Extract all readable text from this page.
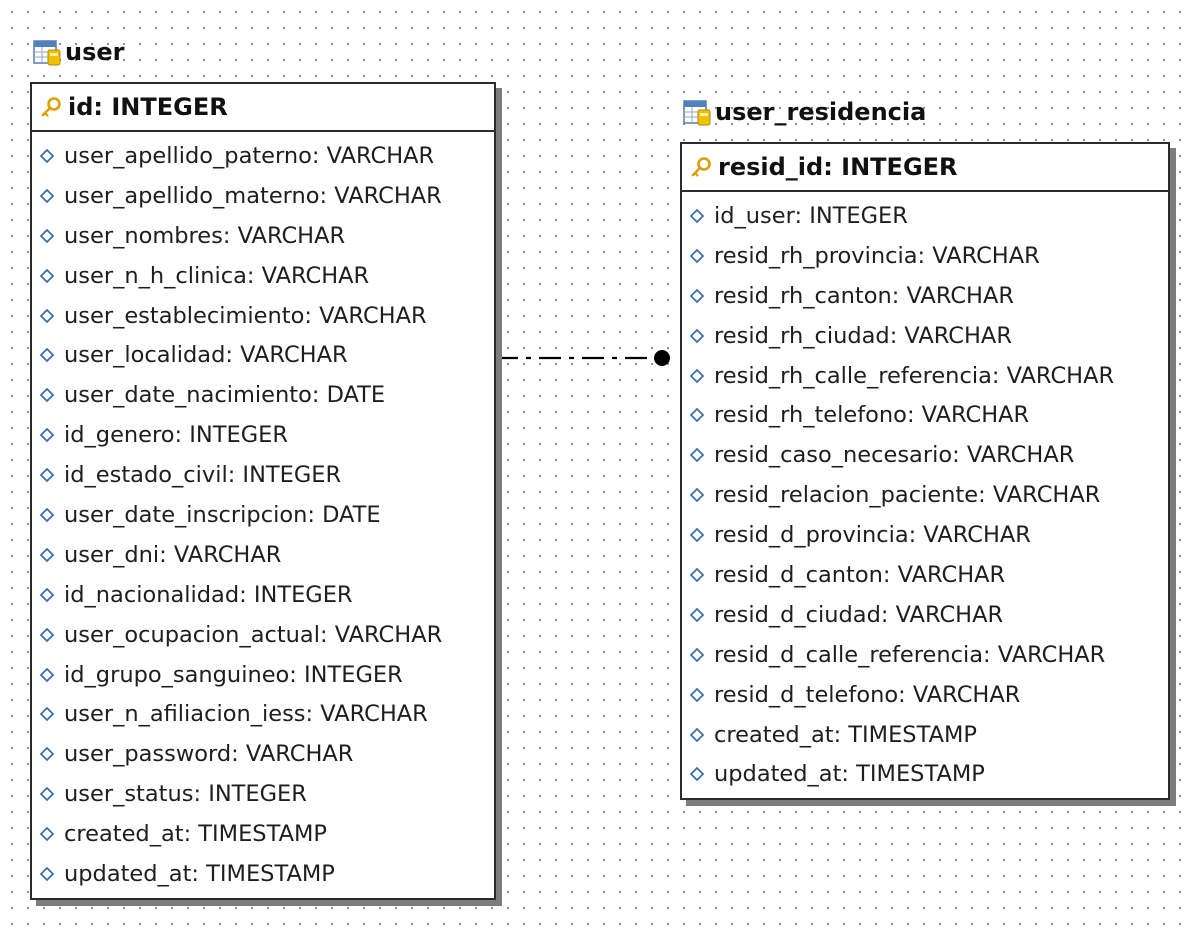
user
id: INTEGER
user_apellido_paterno: VARCHAR
user_apellido_materno: VARCHAR
user_nombres: VARCHAR
user_n_h_clinica: VARCHAR
user_establecimiento: VARCHAR
user_localidad: VARCHAR
user_date_nacimiento: DATE
id_genero: INTEGER
id_estado_civil: INTEGER
user_date_inscripcion: DATE
user_dni: VARCHAR
id_nacionalidad: INTEGER
user_ocupacion_actual: VARCHAR
id_grupo_sanguineo: INTEGER
user_n_afiliacion_iess: VARCHAR
user_password: VARCHAR
user_status: INTEGER
created_at: TIMESTAMP
updated_at: TIMESTAMP
user_residencia
resid_id: INTEGER
id_user: INTEGER
resid_rh_provincia: VARCHAR
resid_rh_canton: VARCHAR
resid_rh_ciudad: VARCHAR
resid_rh_calle_referencia: VARCHAR
resid_rh_telefono: VARCHAR
resid_caso_necesario: VARCHAR
resid_relacion_paciente: VARCHAR
resid_d_provincia: VARCHAR
resid_d_canton: VARCHAR
resid_d_ciudad: VARCHAR
resid_d_calle_referencia: VARCHAR
resid_d_telefono: VARCHAR
created_at: TIMESTAMP
updated_at: TIMESTAMP
